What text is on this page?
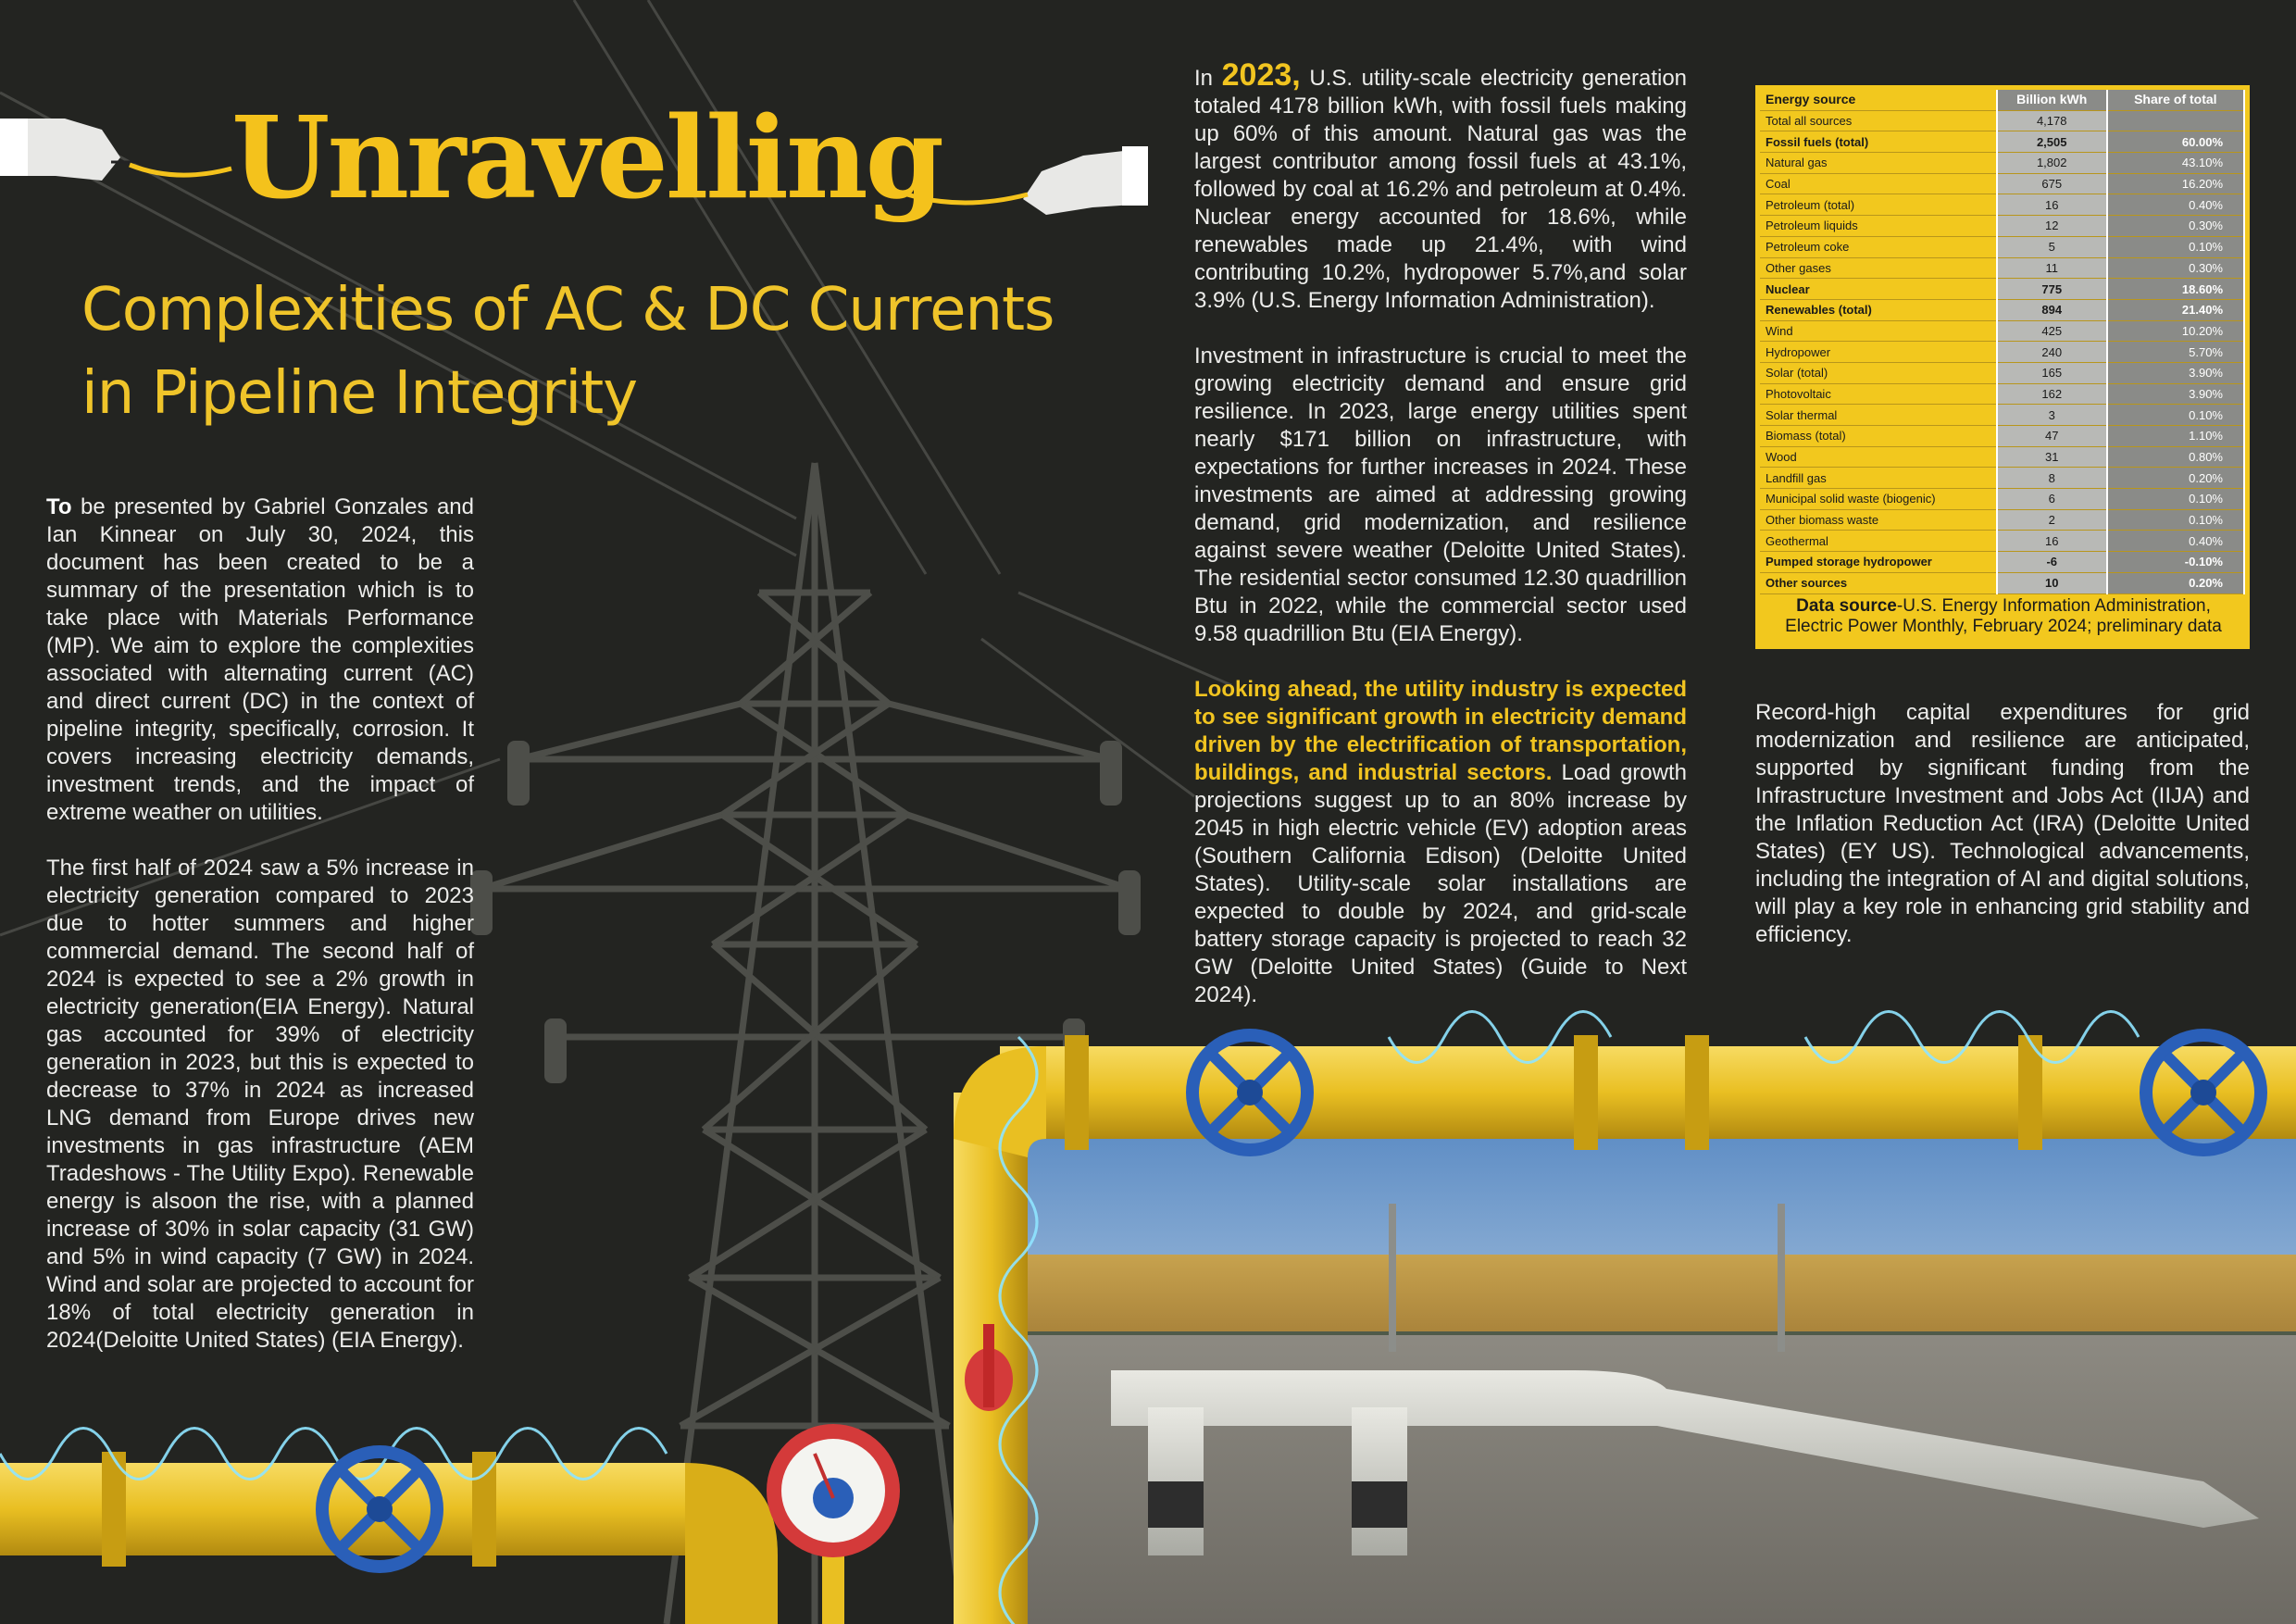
Unravelling
Complexities of AC & DC Currents
in Pipeline Integrity

To be presented by Gabriel Gonzales and Ian Kinnear on July 30, 2024, this document has been created to be a summary of the presentation which is to take place with Materials Performance (MP). We aim to explore the complexities associated with alternating current (AC) and direct current (DC) in the context of pipeline integrity, specifically, corrosion. It covers increasing electricity demands, investment trends, and the impact of extreme weather on utilities.

The first half of 2024 saw a 5% increase in electricity generation compared to 2023 due to hotter summers and higher commercial demand. The second half of 2024 is expected to see a 2% growth in electricity generation(EIA Energy). Natural gas accounted for 39% of electricity generation in 2023, but this is expected to decrease to 37% in 2024 as increased LNG demand from Europe drives new investments in gas infrastructure (AEM Tradeshows - The Utility Expo). Renewable energy is alsoon the rise, with a planned increase of 30% in solar capacity (31 GW) and 5% in wind capacity (7 GW) in 2024. Wind and solar are projected to account for 18% of total electricity generation in 2024(Deloitte United States) (EIA Energy).

In 2023, U.S. utility-scale electricity generation totaled 4178 billion kWh, with fossil fuels making up 60% of this amount. Natural gas was the largest contributor among fossil fuels at 43.1%, followed by coal at 16.2% and petroleum at 0.4%. Nuclear energy accounted for 18.6%, while renewables made up 21.4%, with wind contributing 10.2%, hydropower 5.7%,and solar 3.9% (U.S. Energy Information Administration).

Investment in infrastructure is crucial to meet the growing electricity demand and ensure grid resilience. In 2023, large energy utilities spent nearly $171 billion on infrastructure, with expectations for further increases in 2024. These investments are aimed at addressing growing demand, grid modernization, and resilience against severe weather (Deloitte United States). The residential sector consumed 12.30 quadrillion Btu in 2022, while the commercial sector used 9.58 quadrillion Btu (EIA Energy).

Looking ahead, the utility industry is expected to see significant growth in electricity demand driven by the electrification of transportation, buildings, and industrial sectors. Load growth projections suggest up to an 80% increase by 2045 in high electric vehicle (EV) adoption areas (Southern California Edison) (Deloitte United States). Utility-scale solar installations are expected to double by 2024, and grid-scale battery storage capacity is projected to reach 32 GW (Deloitte United States) (Guide to Next 2024).

Record-high capital expenditures for grid modernization and resilience are anticipated, supported by significant funding from the Infrastructure Investment and Jobs Act (IIJA) and the Inflation Reduction Act (IRA) (Deloitte United States) (EY US). Technological advancements, including the integration of AI and digital solutions, will play a key role in enhancing grid stability and efficiency.

Energy source	Billion kWh	Share of total
Total all sources	4,178	
Fossil fuels (total)	2,505	60.00%
Natural gas	1,802	43.10%
Coal	675	16.20%
Petroleum (total)	16	0.40%
Petroleum liquids	12	0.30%
Petroleum coke	5	0.10%
Other gases	11	0.30%
Nuclear	775	18.60%
Renewables (total)	894	21.40%
Wind	425	10.20%
Hydropower	240	5.70%
Solar (total)	165	3.90%
Photovoltaic	162	3.90%
Solar thermal	3	0.10%
Biomass (total)	47	1.10%
Wood	31	0.80%
Landfill gas	8	0.20%
Municipal solid waste (biogenic)	6	0.10%
Other biomass waste	2	0.10%
Geothermal	16	0.40%
Pumped storage hydropower	-6	-0.10%
Other sources	10	0.20%
Data source-U.S. Energy Information Administration, Electric Power Monthly, February 2024; preliminary data
